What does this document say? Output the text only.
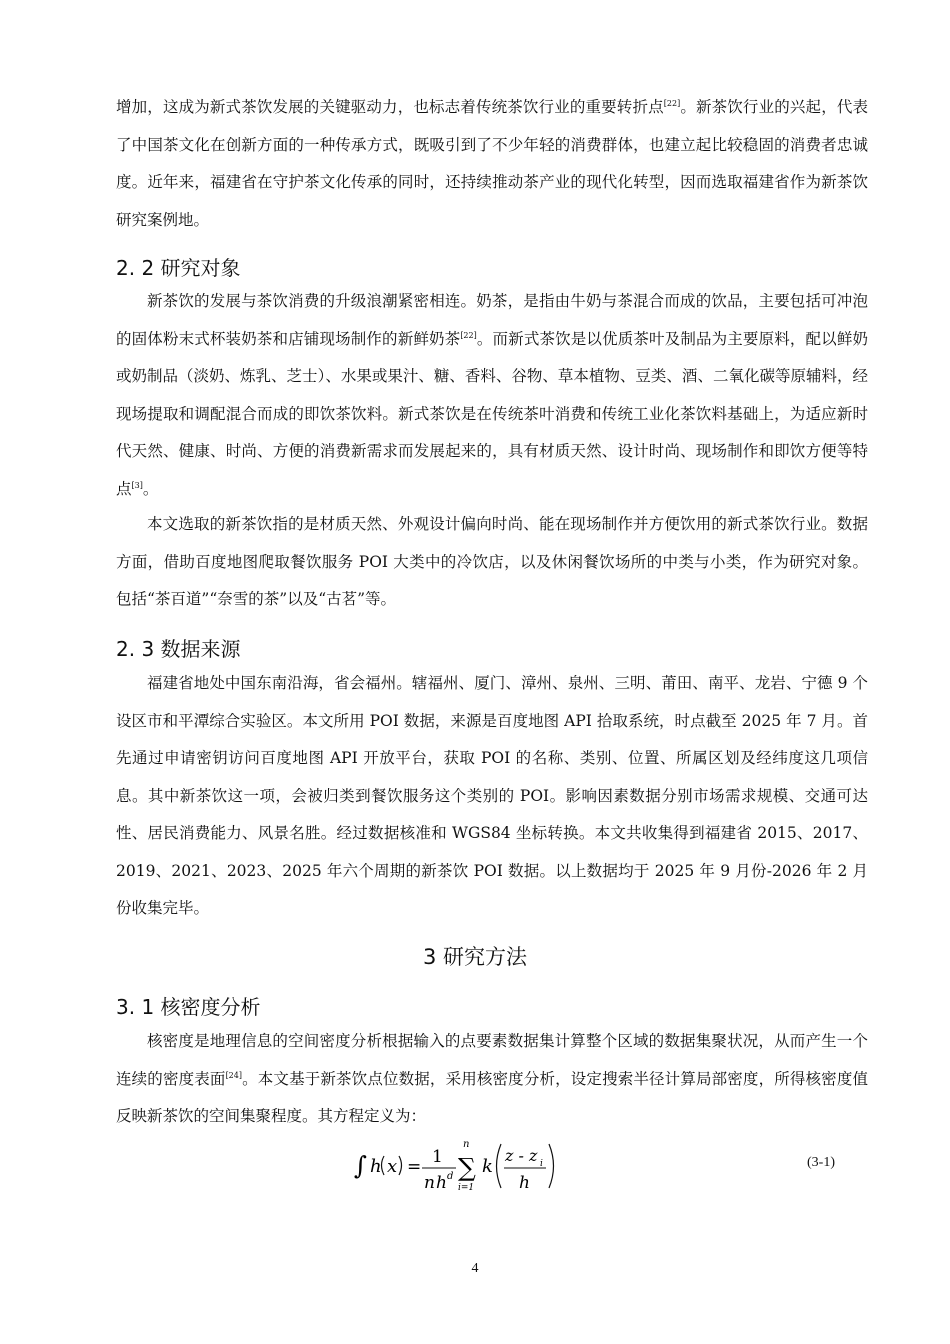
增加，这成为新式茶饮发展的关键驱动力，也标志着传统茶饮行业的重要转折点[22]。新茶饮行业的兴起，代表了中国茶文化在创新方面的一种传承方式，既吸引到了不少年轻的消费群体，也建立起比较稳固的消费者忠诚度。近年来，福建省在守护茶文化传承的同时，还持续推动茶产业的现代化转型，因而选取福建省作为新茶饮研究案例地。

2. 2 研究对象

新茶饮的发展与茶饮消费的升级浪潮紧密相连。奶茶，是指由牛奶与茶混合而成的饮品，主要包括可冲泡的固体粉末式杯装奶茶和店铺现场制作的新鲜奶茶[22]。而新式茶饮是以优质茶叶及制品为主要原料，配以鲜奶或奶制品（淡奶、炼乳、芝士）、水果或果汁、糖、香料、谷物、草本植物、豆类、酒、二氧化碳等原辅料，经现场提取和调配混合而成的即饮茶饮料。新式茶饮是在传统茶叶消费和传统工业化茶饮料基础上，为适应新时代天然、健康、时尚、方便的消费新需求而发展起来的，具有材质天然、设计时尚、现场制作和即饮方便等特点[3]。

本文选取的新茶饮指的是材质天然、外观设计偏向时尚、能在现场制作并方便饮用的新式茶饮行业。数据方面，借助百度地图爬取餐饮服务 POI 大类中的冷饮店，以及休闲餐饮场所的中类与小类，作为研究对象。包括“茶百道”“奈雪的茶”以及“古茗”等。

2. 3 数据来源

福建省地处中国东南沿海，省会福州。辖福州、厦门、漳州、泉州、三明、莆田、南平、龙岩、宁德 9 个设区市和平潭综合实验区。本文所用 POI 数据，来源是百度地图 API 拾取系统，时点截至 2025 年 7 月。首先通过申请密钥访问百度地图 API 开放平台，获取 POI 的名称、类别、位置、所属区划及经纬度这几项信息。其中新茶饮这一项，会被归类到餐饮服务这个类别的 POI。影响因素数据分别市场需求规模、交通可达性、居民消费能力、风景名胜。经过数据核准和 WGS84 坐标转换。本文共收集得到福建省 2015、2017、2019、2021、2023、2025 年六个周期的新茶饮 POI 数据。以上数据均于 2025 年 9 月份-2026 年 2 月份收集完毕。

3 研究方法
3. 1 核密度分析

核密度是地理信息的空间密度分析根据输入的点要素数据集计算整个区域的数据集聚状况，从而产生一个连续的密度表面[24]。本文基于新茶饮点位数据，采用核密度分析，设定搜索半径计算局部密度，所得核密度值反映新茶饮的空间集聚程度。其方程定义为：

∫ h x = 1
n h d
n
∑
i=1
k
z - z i
h
(3-1)
4
